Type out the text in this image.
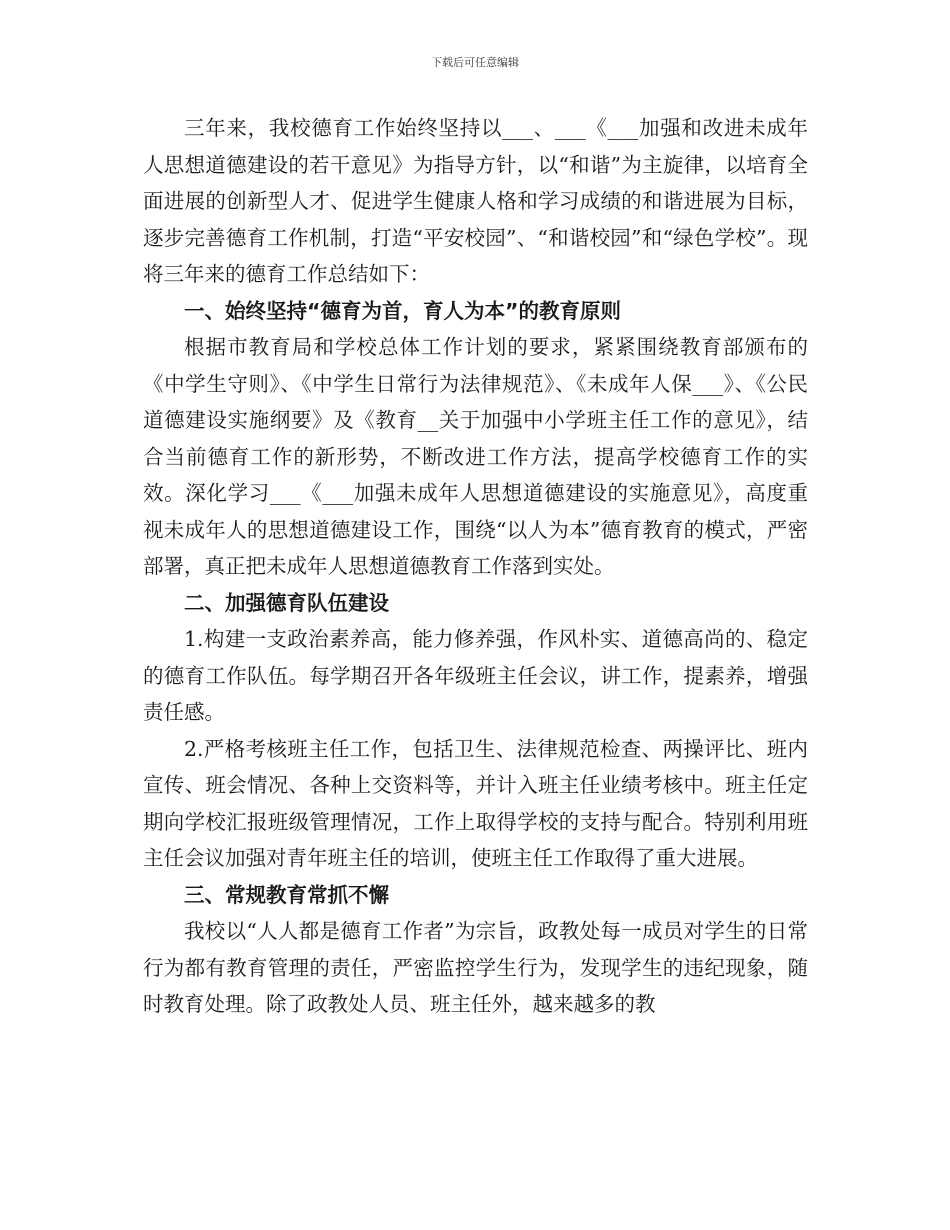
下载后可任意编辑

三年来，我校德育工作始终坚持以___、___《___加强和改进未成年人思想道德建设的若干意见》为指导方针，以“和谐”为主旋律，以培育全面进展的创新型人才、促进学生健康人格和学习成绩的和谐进展为目标，逐步完善德育工作机制，打造“平安校园”、“和谐校园”和“绿色学校”。现将三年来的德育工作总结如下：

一、始终坚持“德育为首，育人为本”的教育原则

根据市教育局和学校总体工作计划的要求，紧紧围绕教育部颁布的《中学生守则》、《中学生日常行为法律规范》、《未成年人保___》、《公民道德建设实施纲要》及《教育__关于加强中小学班主任工作的意见》，结合当前德育工作的新形势，不断改进工作方法，提高学校德育工作的实效。深化学习___《___加强未成年人思想道德建设的实施意见》，高度重视未成年人的思想道德建设工作，围绕“以人为本”德育教育的模式，严密部署，真正把未成年人思想道德教育工作落到实处。

二、加强德育队伍建设

1.构建一支政治素养高，能力修养强，作风朴实、道德高尚的、稳定的德育工作队伍。每学期召开各年级班主任会议，讲工作，提素养，增强责任感。

2.严格考核班主任工作，包括卫生、法律规范检查、两操评比、班内宣传、班会情况、各种上交资料等，并计入班主任业绩考核中。班主任定期向学校汇报班级管理情况，工作上取得学校的支持与配合。特别利用班主任会议加强对青年班主任的培训，使班主任工作取得了重大进展。

三、常规教育常抓不懈

我校以“人人都是德育工作者”为宗旨，政教处每一成员对学生的日常行为都有教育管理的责任，严密监控学生行为，发现学生的违纪现象，随时教育处理。除了政教处人员、班主任外，越来越多的教
